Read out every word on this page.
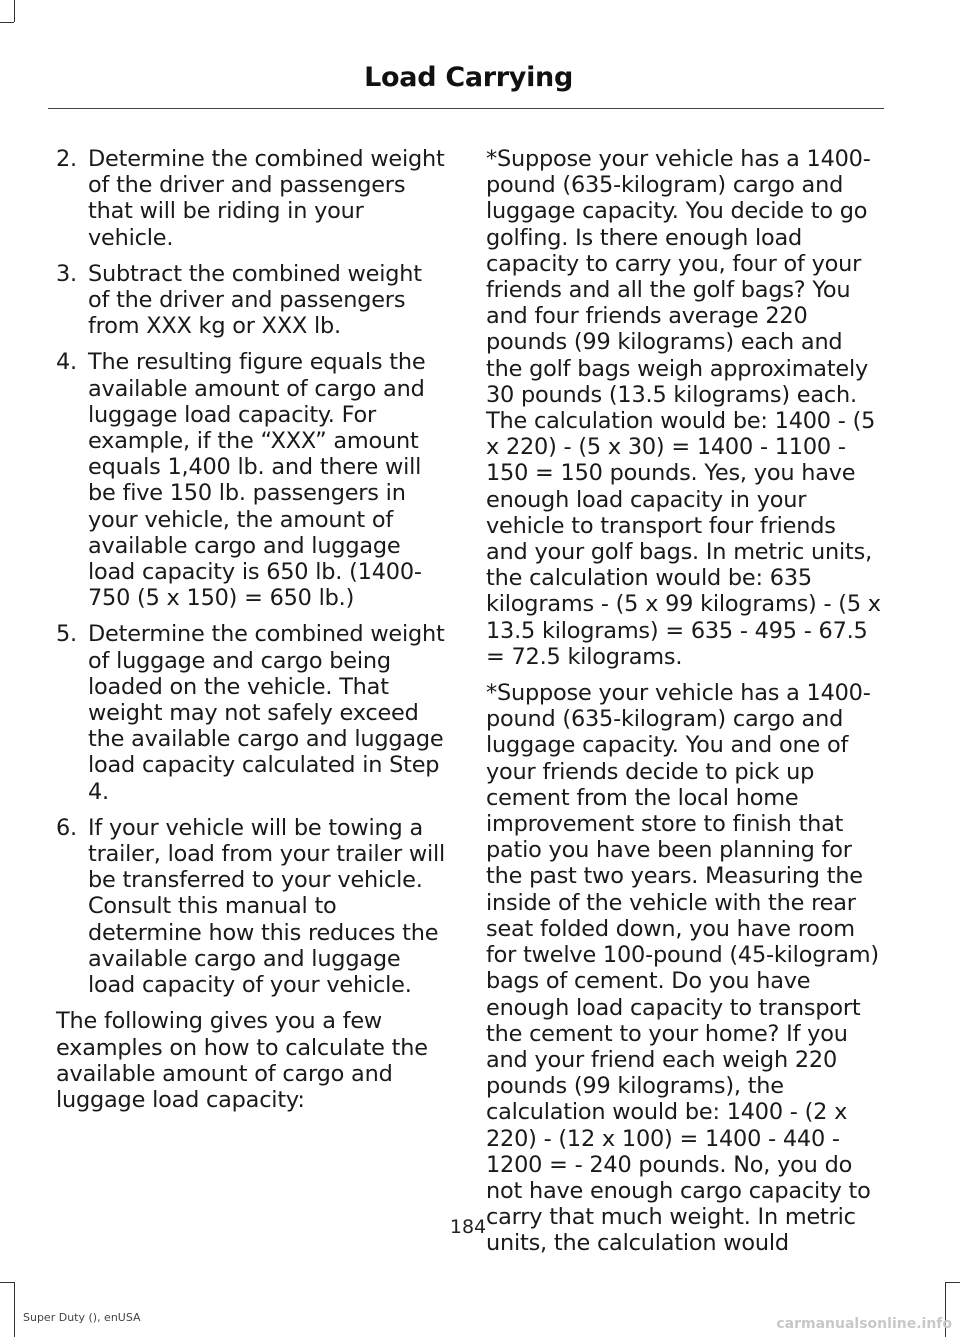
Load Carrying
2. Determine the combined weight of the driver and passengers that will be riding in your vehicle.
3. Subtract the combined weight of the driver and passengers from XXX kg or XXX lb.
4. The resulting figure equals the available amount of cargo and luggage load capacity. For example, if the “XXX” amount equals 1,400 lb. and there will be five 150 lb. passengers in your vehicle, the amount of available cargo and luggage load capacity is 650 lb. (1400-750 (5 x 150) = 650 lb.)
5. Determine the combined weight of luggage and cargo being loaded on the vehicle. That weight may not safely exceed the available cargo and luggage load capacity calculated in Step 4.
6. If your vehicle will be towing a trailer, load from your trailer will be transferred to your vehicle. Consult this manual to determine how this reduces the available cargo and luggage load capacity of your vehicle.

The following gives you a few examples on how to calculate the available amount of cargo and luggage load capacity:

*Suppose your vehicle has a 1400-pound (635-kilogram) cargo and luggage capacity. You decide to go golfing. Is there enough load capacity to carry you, four of your friends and all the golf bags? You and four friends average 220 pounds (99 kilograms) each and the golf bags weigh approximately 30 pounds (13.5 kilograms) each. The calculation would be: 1400 - (5 x 220) - (5 x 30) = 1400 - 1100 - 150 = 150 pounds. Yes, you have enough load capacity in your vehicle to transport four friends and your golf bags. In metric units, the calculation would be: 635 kilograms - (5 x 99 kilograms) - (5 x 13.5 kilograms) = 635 - 495 - 67.5 = 72.5 kilograms.

*Suppose your vehicle has a 1400-pound (635-kilogram) cargo and luggage capacity. You and one of your friends decide to pick up cement from the local home improvement store to finish that patio you have been planning for the past two years. Measuring the inside of the vehicle with the rear seat folded down, you have room for twelve 100-pound (45-kilogram) bags of cement. Do you have enough load capacity to transport the cement to your home? If you and your friend each weigh 220 pounds (99 kilograms), the calculation would be: 1400 - (2 x 220) - (12 x 100) = 1400 - 440 - 1200 = - 240 pounds. No, you do not have enough cargo capacity to carry that much weight. In metric units, the calculation would

184
Super Duty (), enUSA	carmanualsonline.info
